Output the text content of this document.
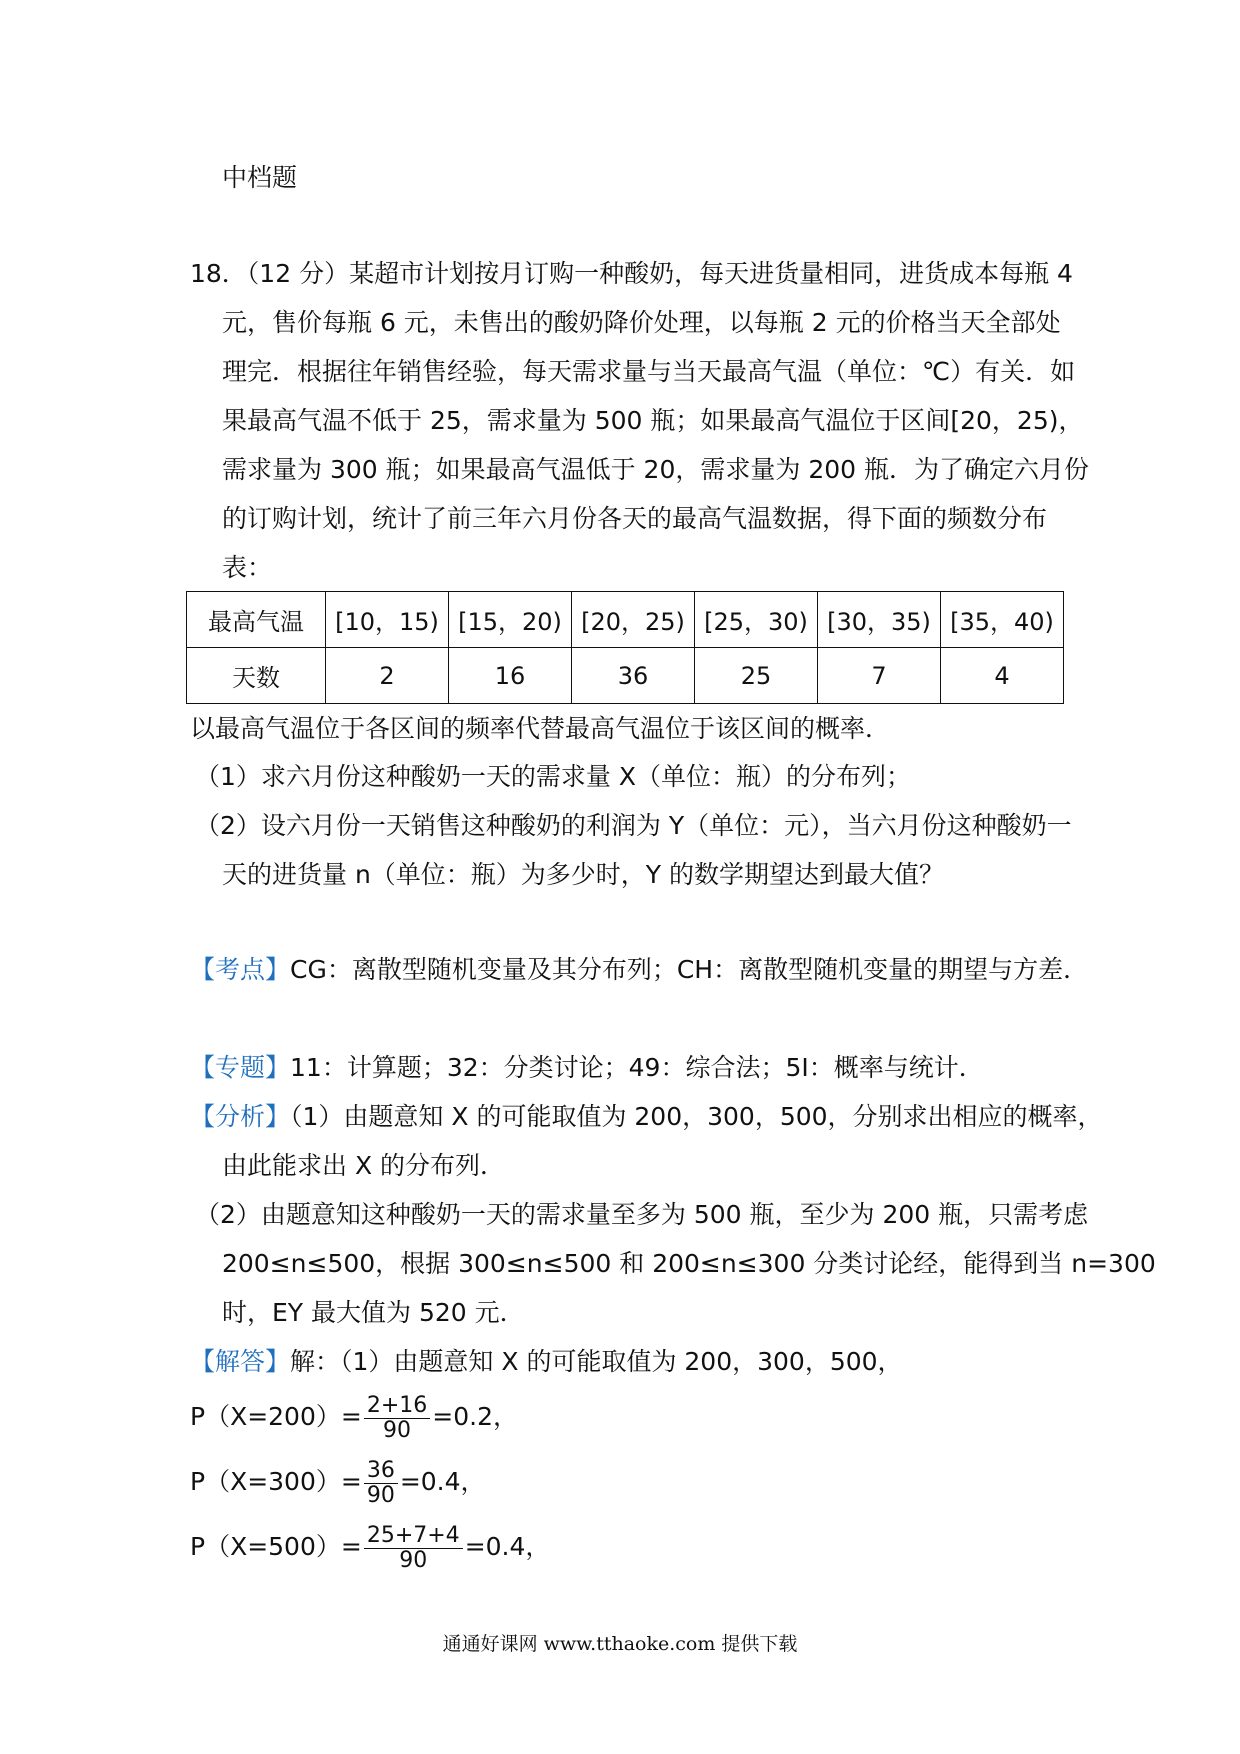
中档题
18．（12 分）某超市计划按月订购一种酸奶，每天进货量相同，进货成本每瓶 4
元，售价每瓶 6 元，未售出的酸奶降价处理，以每瓶 2 元的价格当天全部处
理完．根据往年销售经验，每天需求量与当天最高气温（单位：℃）有关．如
果最高气温不低于 25，需求量为 500 瓶；如果最高气温位于区间[20，25)，
需求量为 300 瓶；如果最高气温低于 20，需求量为 200 瓶．为了确定六月份
的订购计划，统计了前三年六月份各天的最高气温数据，得下面的频数分布
表：
最高气温	[10，15)	[15，20)	[20，25)	[25，30)	[30，35)	[35，40)
天数	2	16	36	25	7	4
以最高气温位于各区间的频率代替最高气温位于该区间的概率．
（1）求六月份这种酸奶一天的需求量 X（单位：瓶）的分布列；
（2）设六月份一天销售这种酸奶的利润为 Y（单位：元），当六月份这种酸奶一
天的进货量 n（单位：瓶）为多少时，Y 的数学期望达到最大值？
【考点】CG：离散型随机变量及其分布列；CH：离散型随机变量的期望与方差．
【专题】11：计算题；32：分类讨论；49：综合法；5I：概率与统计．
【分析】（1）由题意知 X 的可能取值为 200，300，500，分别求出相应的概率，
由此能求出 X 的分布列．
（2）由题意知这种酸奶一天的需求量至多为 500 瓶，至少为 200 瓶，只需考虑
200≤n≤500，根据 300≤n≤500 和 200≤n≤300 分类讨论经，能得到当 n=300
时，EY 最大值为 520 元．
【解答】解：（1）由题意知 X 的可能取值为 200，300，500，
$P(X=200)= \frac{2+16}{90} =0.2$，
$P(X=300)= \frac{36}{90} =0.4$，
$P(X=500)= \frac{25+7+4}{90} =0.4$，
通通好课网 www.tthaoke.com 提供下载
